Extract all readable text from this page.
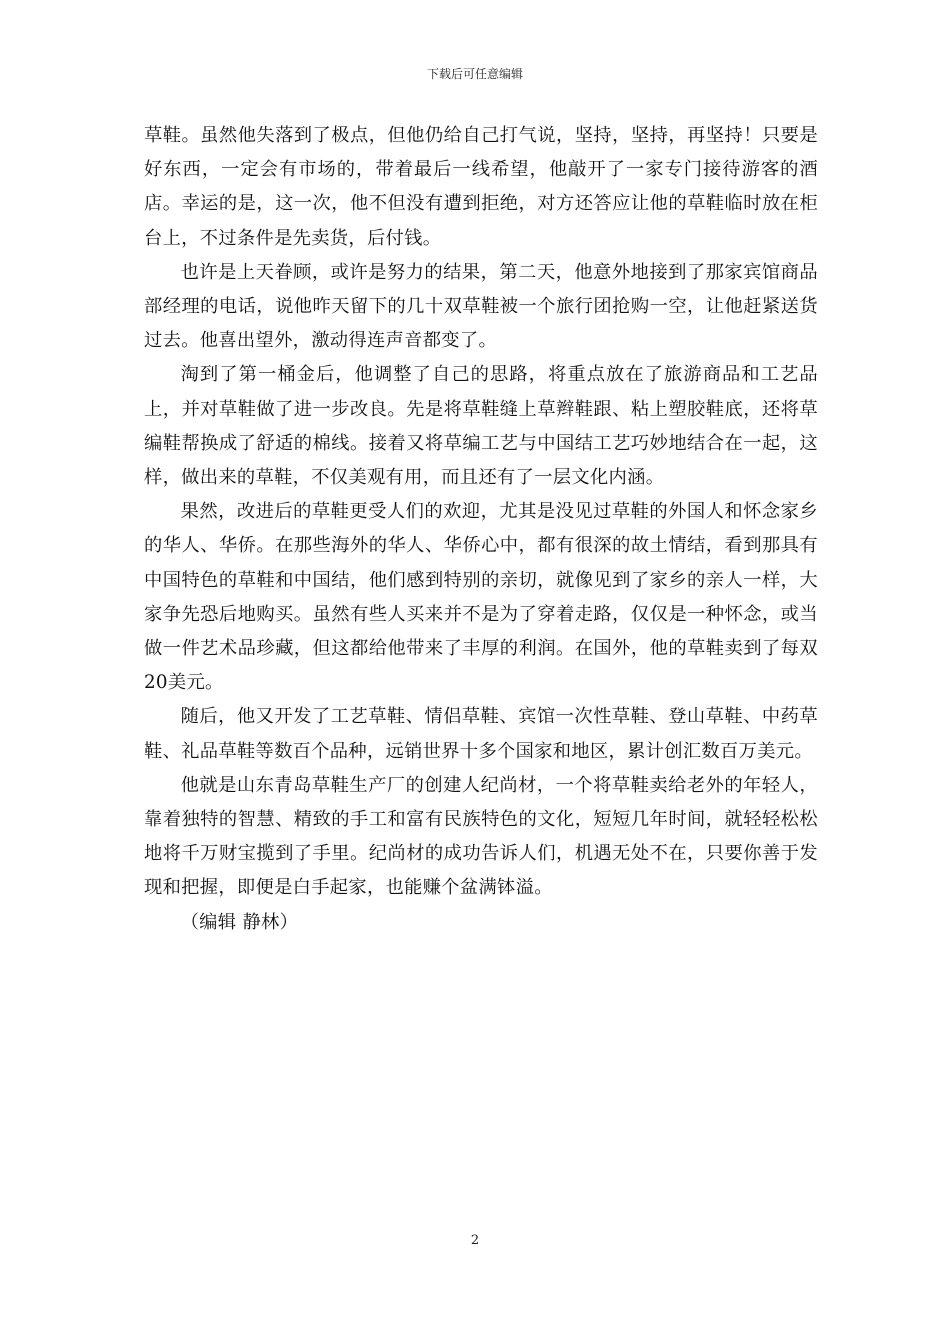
下载后可任意编辑

草鞋。虽然他失落到了极点，但他仍给自己打气说，坚持，坚持，再坚持！只要是好东西，一定会有市场的，带着最后一线希望，他敲开了一家专门接待游客的酒店。幸运的是，这一次，他不但没有遭到拒绝，对方还答应让他的草鞋临时放在柜台上，不过条件是先卖货，后付钱。

也许是上天眷顾，或许是努力的结果，第二天，他意外地接到了那家宾馆商品部经理的电话，说他昨天留下的几十双草鞋被一个旅行团抢购一空，让他赶紧送货过去。他喜出望外，激动得连声音都变了。

淘到了第一桶金后，他调整了自己的思路，将重点放在了旅游商品和工艺品上，并对草鞋做了进一步改良。先是将草鞋缝上草辫鞋跟、粘上塑胶鞋底，还将草编鞋帮换成了舒适的棉线。接着又将草编工艺与中国结工艺巧妙地结合在一起，这样，做出来的草鞋，不仅美观有用，而且还有了一层文化内涵。

果然，改进后的草鞋更受人们的欢迎，尤其是没见过草鞋的外国人和怀念家乡的华人、华侨。在那些海外的华人、华侨心中，都有很深的故土情结，看到那具有中国特色的草鞋和中国结，他们感到特别的亲切，就像见到了家乡的亲人一样，大家争先恐后地购买。虽然有些人买来并不是为了穿着走路，仅仅是一种怀念，或当做一件艺术品珍藏，但这都给他带来了丰厚的利润。在国外，他的草鞋卖到了每双20美元。

随后，他又开发了工艺草鞋、情侣草鞋、宾馆一次性草鞋、登山草鞋、中药草鞋、礼品草鞋等数百个品种，远销世界十多个国家和地区，累计创汇数百万美元。

他就是山东青岛草鞋生产厂的创建人纪尚材，一个将草鞋卖给老外的年轻人，靠着独特的智慧、精致的手工和富有民族特色的文化，短短几年时间，就轻轻松松地将千万财宝揽到了手里。纪尚材的成功告诉人们，机遇无处不在，只要你善于发现和把握，即便是白手起家，也能赚个盆满钵溢。

（编辑 静林）

2
